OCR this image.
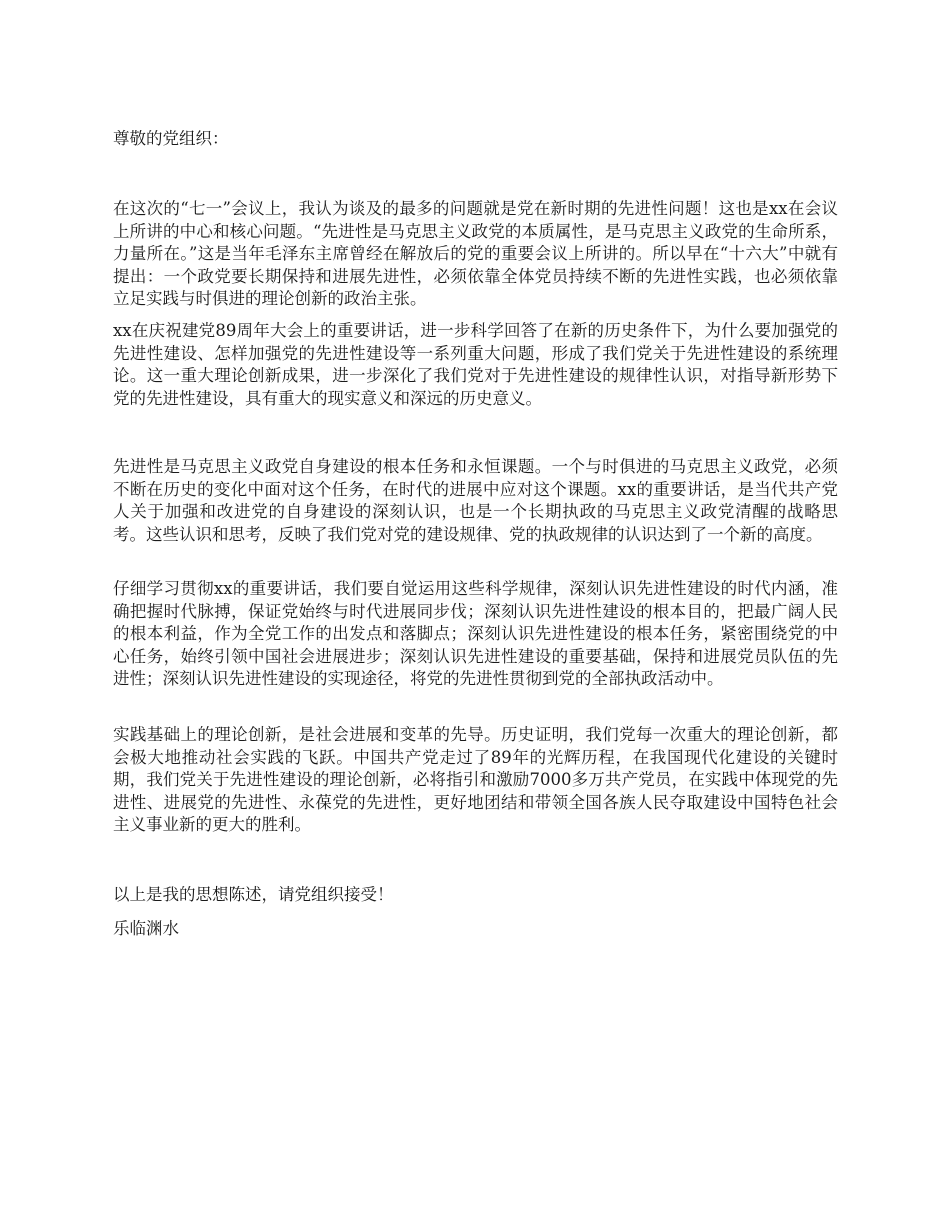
尊敬的党组织：

在这次的“七一”会议上，我认为谈及的最多的问题就是党在新时期的先进性问题！这也是xx在会议上所讲的中心和核心问题。“先进性是马克思主义政党的本质属性，是马克思主义政党的生命所系，力量所在。”这是当年毛泽东主席曾经在解放后的党的重要会议上所讲的。所以早在“十六大”中就有提出：一个政党要长期保持和进展先进性，必须依靠全体党员持续不断的先进性实践，也必须依靠立足实践与时俱进的理论创新的政治主张。

xx在庆祝建党89周年大会上的重要讲话，进一步科学回答了在新的历史条件下，为什么要加强党的先进性建设、怎样加强党的先进性建设等一系列重大问题，形成了我们党关于先进性建设的系统理论。这一重大理论创新成果，进一步深化了我们党对于先进性建设的规律性认识，对指导新形势下党的先进性建设，具有重大的现实意义和深远的历史意义。

先进性是马克思主义政党自身建设的根本任务和永恒课题。一个与时俱进的马克思主义政党，必须不断在历史的变化中面对这个任务，在时代的进展中应对这个课题。xx的重要讲话，是当代共产党人关于加强和改进党的自身建设的深刻认识，也是一个长期执政的马克思主义政党清醒的战略思考。这些认识和思考，反映了我们党对党的建设规律、党的执政规律的认识达到了一个新的高度。

仔细学习贯彻xx的重要讲话，我们要自觉运用这些科学规律，深刻认识先进性建设的时代内涵，准确把握时代脉搏，保证党始终与时代进展同步伐；深刻认识先进性建设的根本目的，把最广阔人民的根本利益，作为全党工作的出发点和落脚点；深刻认识先进性建设的根本任务，紧密围绕党的中心任务，始终引领中国社会进展进步；深刻认识先进性建设的重要基础，保持和进展党员队伍的先进性；深刻认识先进性建设的实现途径，将党的先进性贯彻到党的全部执政活动中。

实践基础上的理论创新，是社会进展和变革的先导。历史证明，我们党每一次重大的理论创新，都会极大地推动社会实践的飞跃。中国共产党走过了89年的光辉历程，在我国现代化建设的关键时期，我们党关于先进性建设的理论创新，必将指引和激励7000多万共产党员，在实践中体现党的先进性、进展党的先进性、永葆党的先进性，更好地团结和带领全国各族人民夺取建设中国特色社会主义事业新的更大的胜利。

以上是我的思想陈述，请党组织接受！

乐临渊水
